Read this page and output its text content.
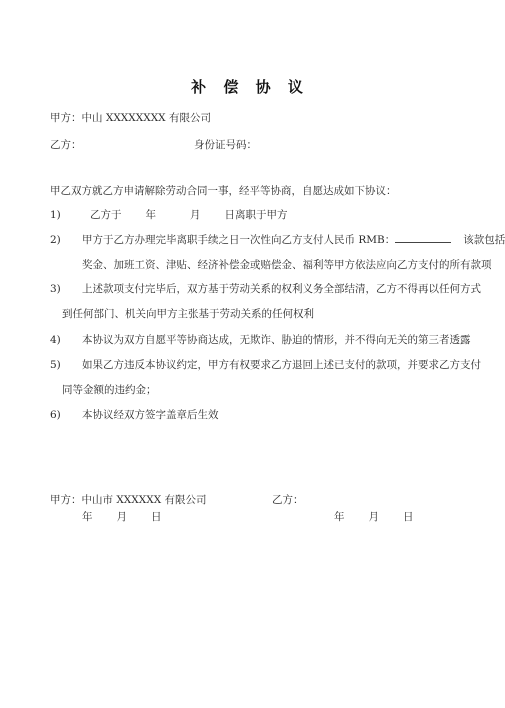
补 偿 协 议
甲方：中山 XXXXXXXX 有限公司
乙方：	身份证号码：
甲乙双方就乙方申请解除劳动合同一事，经平等协商，自愿达成如下协议：
1)	乙方于 年	月 日离职于甲方
2) 甲方于乙方办理完毕离职手续之日一次性向乙方支付人民币 RMB：	该款包括
奖金、加班工资、津贴、经济补偿金或赔偿金、福利等甲方依法应向乙方支付的所有款项
3) 上述款项支付完毕后，双方基于劳动关系的权利义务全部结清，乙方不得再以任何方式
到任何部门、机关向甲方主张基于劳动关系的任何权利
4) 本协议为双方自愿平等协商达成，无欺诈、胁迫的情形，并不得向无关的第三者透露
5) 如果乙方违反本协议约定，甲方有权要求乙方退回上述已支付的款项，并要求乙方支付
同等金额的违约金；
6) 本协议经双方签字盖章后生效
甲方：中山市 XXXXXX 有限公司	乙方：
年 月 日	年 月 日
